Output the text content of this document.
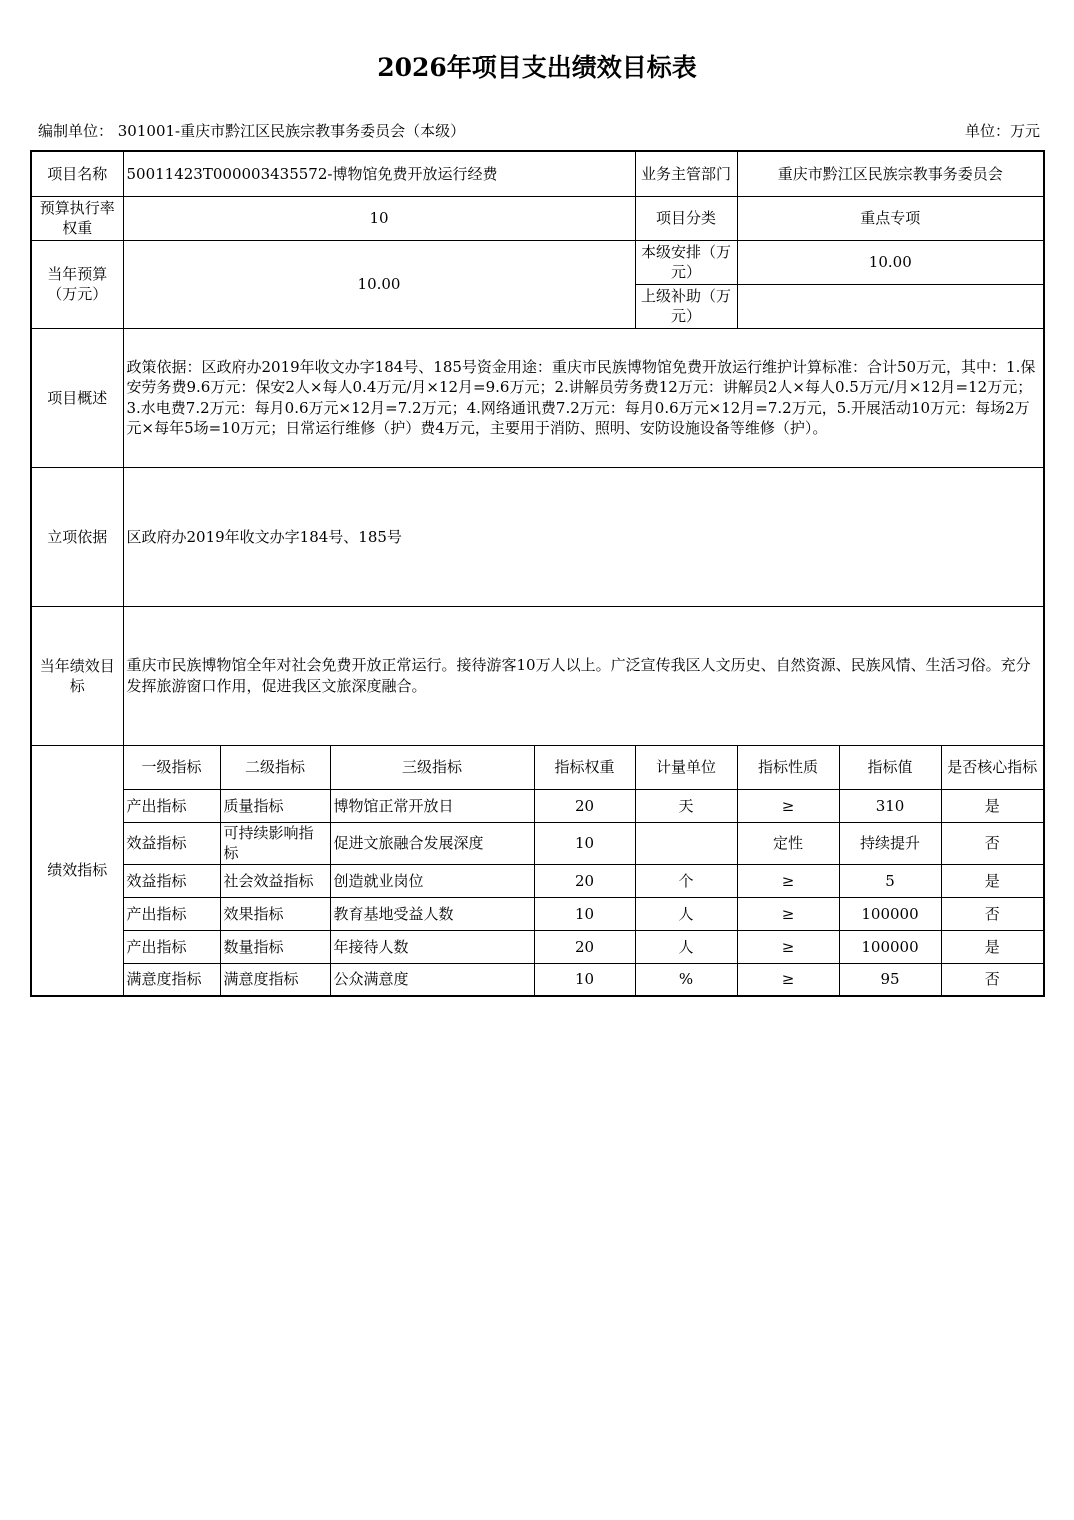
2026年项目支出绩效目标表
编制单位： 301001-重庆市黔江区民族宗教事务委员会（本级）	单位：万元
项目名称	50011423T000003435572-博物馆免费开放运行经费				业务主管部门	重庆市黔江区民族宗教事务委员会		
预算执行率权重	10				项目分类	重点专项		
当年预算（万元）	10.00				本级安排（万元）	10.00		
					上级补助（万元）			
项目概述	政策依据：区政府办2019年收文办字184号、185号资金用途：重庆市民族博物馆免费开放运行维护计算标准：合计50万元，其中：1.保安劳务费9.6万元：保安2人×每人0.4万元/月×12月=9.6万元；2.讲解员劳务费12万元：讲解员2人×每人0.5万元/月×12月=12万元；3.水电费7.2万元：每月0.6万元×12月=7.2万元；4.网络通讯费7.2万元：每月0.6万元×12月=7.2万元，5.开展活动10万元：每场2万元×每年5场=10万元；日常运行维修（护）费4万元，主要用于消防、照明、安防设施设备等维修（护）。							
立项依据	区政府办2019年收文办字184号、185号							
当年绩效目标	重庆市民族博物馆全年对社会免费开放正常运行。接待游客10万人以上。广泛宣传我区人文历史、自然资源、民族风情、生活习俗。充分发挥旅游窗口作用，促进我区文旅深度融合。							
绩效指标	一级指标	二级指标	三级指标	指标权重	计量单位	指标性质	指标值	是否核心指标
	产出指标	质量指标	博物馆正常开放日	20	天	≥	310	是
	效益指标	可持续影响指标	促进文旅融合发展深度	10		定性	持续提升	否
	效益指标	社会效益指标	创造就业岗位	20	个	≥	5	是
	产出指标	效果指标	教育基地受益人数	10	人	≥	100000	否
	产出指标	数量指标	年接待人数	20	人	≥	100000	是
	满意度指标	满意度指标	公众满意度	10	%	≥	95	否
